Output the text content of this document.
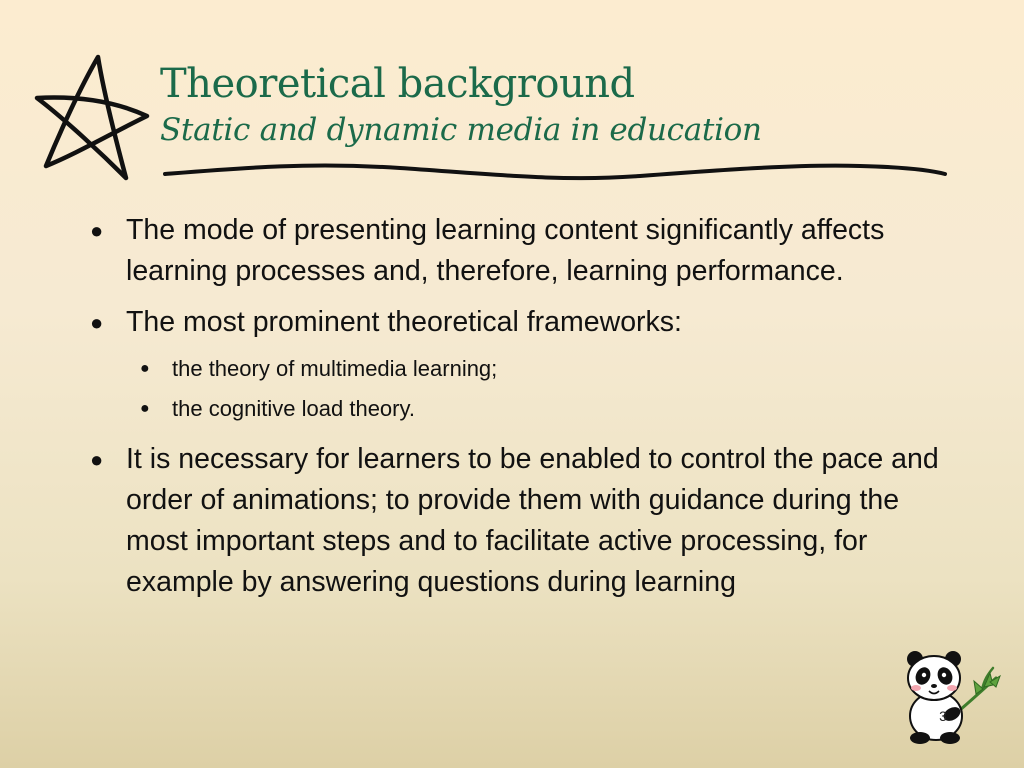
Theoretical background
Static and dynamic media in education
● The mode of presenting learning content significantly affects learning processes and, therefore, learning performance.
● The most prominent theoretical frameworks:
● the theory of multimedia learning;
● the cognitive load theory.
● It is necessary for learners to be enabled to control the pace and order of animations; to provide them with guidance during the most important steps and to facilitate active processing, for example by answering questions during learning
3
